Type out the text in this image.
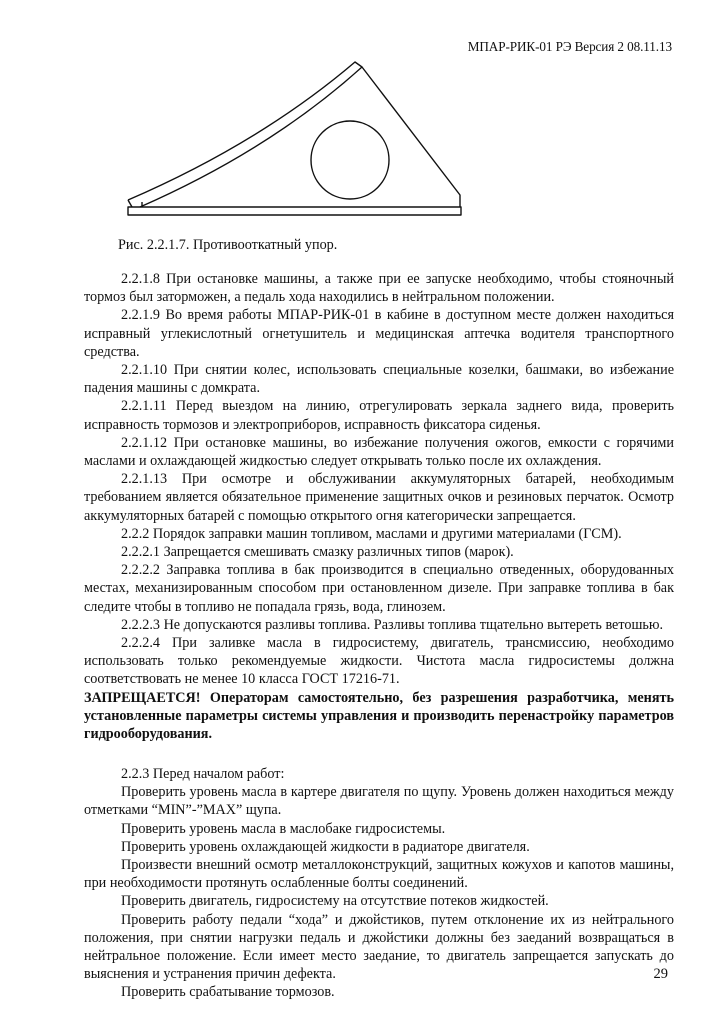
МПАР-РИК-01 РЭ Версия 2 08.11.13
Рис. 2.2.1.7. Противооткатный упор.

2.2.1.8 При остановке машины, а также при ее запуске необходимо, чтобы стояночный тормоз был заторможен, а педаль хода находились в нейтральном положении.

2.2.1.9 Во время работы МПАР-РИК-01 в кабине в доступном месте должен находиться исправный углекислотный огнетушитель и медицинская аптечка водителя транспортного средства.

2.2.1.10 При снятии колес, использовать специальные козелки, башмаки, во избежание падения машины с домкрата.

2.2.1.11 Перед выездом на линию, отрегулировать зеркала заднего вида, проверить исправность тормозов и электроприборов, исправность фиксатора сиденья.

2.2.1.12 При остановке машины, во избежание получения ожогов, емкости с горячими маслами и охлаждающей жидкостью следует открывать только после их охлаждения.

2.2.1.13 При осмотре и обслуживании аккумуляторных батарей, необходимым требованием является обязательное применение защитных очков и резиновых перчаток. Осмотр аккумуляторных батарей с помощью открытого огня категорически запрещается.

2.2.2 Порядок заправки машин топливом, маслами и другими материалами (ГСМ).

2.2.2.1 Запрещается смешивать смазку различных типов (марок).

2.2.2.2 Заправка топлива в бак производится в специально отведенных, оборудованных местах, механизированным способом при остановленном дизеле. При заправке топлива в бак следите чтобы в топливо не попадала грязь, вода, глинозем.

2.2.2.3 Не допускаются разливы топлива. Разливы топлива тщательно вытереть ветошью.

2.2.2.4 При заливке масла в гидросистему, двигатель, трансмиссию, необходимо использовать только рекомендуемые жидкости. Чистота масла гидросистемы должна соответствовать не менее 10 класса ГОСТ 17216-71.

ЗАПРЕЩАЕТСЯ! Операторам самостоятельно, без разрешения разработчика, менять установленные параметры системы управления и производить перенастройку параметров гидрооборудования.

2.2.3 Перед началом работ:

Проверить уровень масла в картере двигателя по щупу. Уровень должен находиться между отметками “MIN”-”MAX” щупа.

Проверить уровень масла в маслобаке гидросистемы.

Проверить уровень охлаждающей жидкости в радиаторе двигателя.

Произвести внешний осмотр металлоконструкций, защитных кожухов и капотов машины, при необходимости протянуть ослабленные болты соединений.

Проверить двигатель, гидросистему на отсутствие потеков жидкостей.

Проверить работу педали “хода” и джойстиков, путем отклонение их из нейтрального положения, при снятии нагрузки педаль и джойстики должны без заеданий возвращаться в нейтральное положение. Если имеет место заедание, то двигатель запрещается запускать до выяснения и устранения причин дефекта.

Проверить срабатывание тормозов.

29
